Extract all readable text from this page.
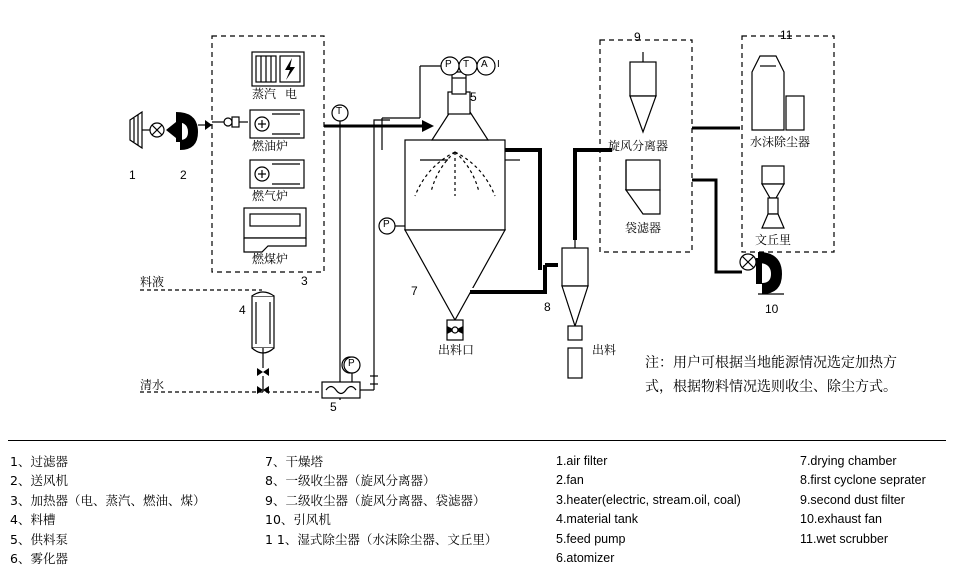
1	2
3
4
5
5
7
8
9
10
11
P T A I
T
P
P
蒸汽 电
燃油炉
燃气炉
燃煤炉
料液
清水
旋风分离器
袋滤器
水沫除尘器
文丘里
出料口	出料
注：用户可根据当地能源情况选定加热方
式，根据物料情况选则收尘、除尘方式。
1、过滤器
2、送风机
3、加热器（电、蒸汽、燃油、煤）
4、料槽
5、供料泵
6、雾化器
7、干燥塔
8、一级收尘器（旋风分离器）
9、二级收尘器（旋风分离器、袋滤器）
10、引风机
1 1、湿式除尘器（水沫除尘器、文丘里）
1.air filter
2.fan
3.heater(electric, stream.oil, coal)
4.material tank
5.feed pump
6.atomizer
7.drying chamber
8.first cyclone seprater
9.second dust filter
10.exhaust fan
11.wet scrubber
